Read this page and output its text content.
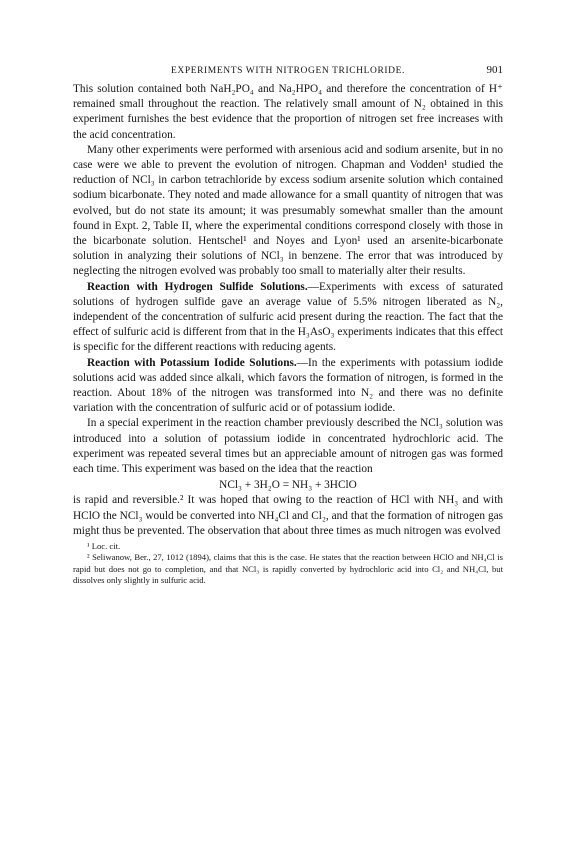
EXPERIMENTS WITH NITROGEN TRICHLORIDE.	901

This solution contained both NaH₂PO₄ and Na₂HPO₄ and therefore the concentration of H⁺ remained small throughout the reaction. The relatively small amount of N₂ obtained in this experiment furnishes the best evidence that the proportion of nitrogen set free increases with the acid concentration.

Many other experiments were performed with arsenious acid and sodium arsenite, but in no case were we able to prevent the evolution of nitrogen. Chapman and Vodden¹ studied the reduction of NCl₃ in carbon tetrachloride by excess sodium arsenite solution which contained sodium bicarbonate. They noted and made allowance for a small quantity of nitrogen that was evolved, but do not state its amount; it was presumably somewhat smaller than the amount found in Expt. 2, Table II, where the experimental conditions correspond closely with those in the bicarbonate solution. Hentschel¹ and Noyes and Lyon¹ used an arsenite-bicarbonate solution in analyzing their solutions of NCl₃ in benzene. The error that was introduced by neglecting the nitrogen evolved was probably too small to materially alter their results.

Reaction with Hydrogen Sulfide Solutions.—Experiments with excess of saturated solutions of hydrogen sulfide gave an average value of 5.5% nitrogen liberated as N₂, independent of the concentration of sulfuric acid present during the reaction. The fact that the effect of sulfuric acid is different from that in the H₃AsO₃ experiments indicates that this effect is specific for the different reactions with reducing agents.

Reaction with Potassium Iodide Solutions.—In the experiments with potassium iodide solutions acid was added since alkali, which favors the formation of nitrogen, is formed in the reaction. About 18% of the nitrogen was transformed into N₂ and there was no definite variation with the concentration of sulfuric acid or of potassium iodide.

In a special experiment in the reaction chamber previously described the NCl₃ solution was introduced into a solution of potassium iodide in concentrated hydrochloric acid. The experiment was repeated several times but an appreciable amount of nitrogen gas was formed each time. This experiment was based on the idea that the reaction

NCl₃ + 3H₂O = NH₃ + 3HClO

is rapid and reversible.² It was hoped that owing to the reaction of HCl with NH₃ and with HClO the NCl₃ would be converted into NH₄Cl and Cl₂, and that the formation of nitrogen gas might thus be prevented. The observation that about three times as much nitrogen was evolved

¹ Loc. cit.

² Seliwanow, Ber., 27, 1012 (1894), claims that this is the case. He states that the reaction between HClO and NH₄Cl is rapid but does not go to completion, and that NCl₃ is rapidly converted by hydrochloric acid into Cl₂ and NH₄Cl, but dissolves only slightly in sulfuric acid.
